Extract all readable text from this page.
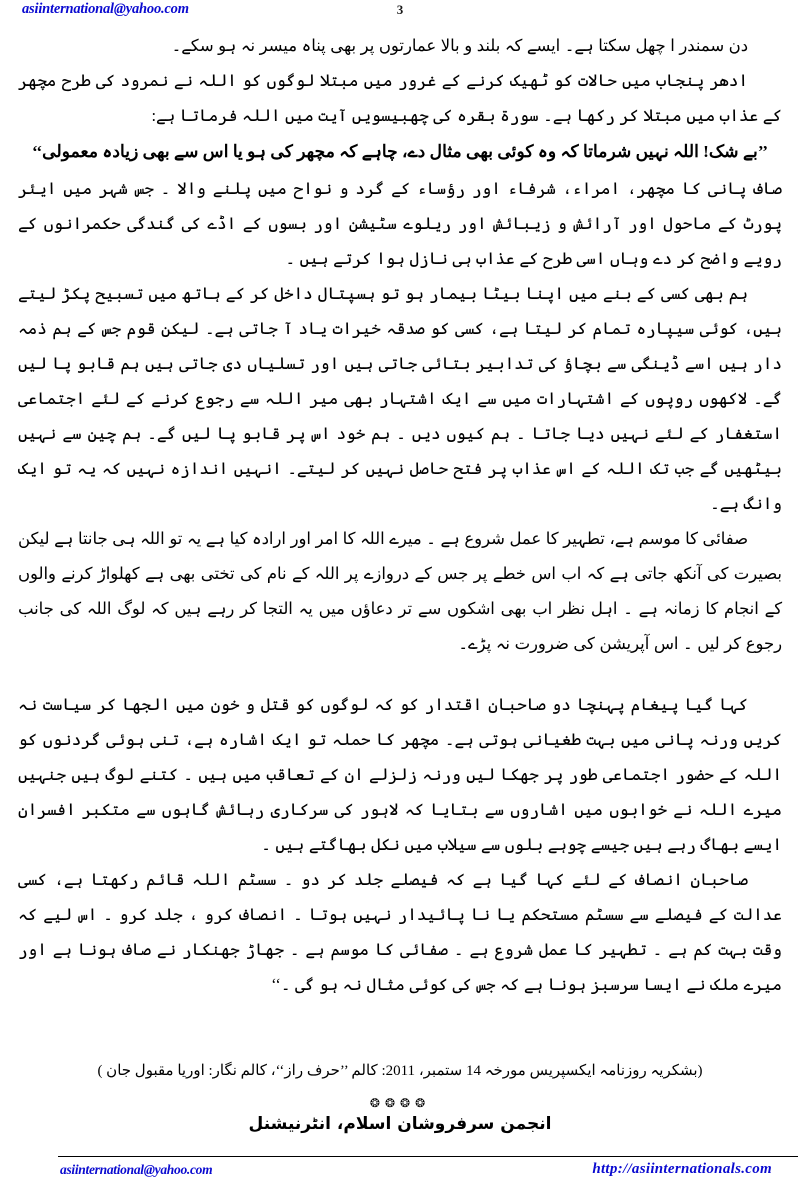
asiinternational@yahoo.com	3

دن سمندر ا چھل سکتا ہے۔ ایسے کہ بلند و بالا عمارتوں پر بھی پناہ میسر نہ ہو سکے۔

ادھر پنجاب میں حالات کو ٹھیک کرنے کے غرور میں مبتلا لوگوں کو اللہ نے نمرود کی طرح مچھر کے عذاب میں مبتلا کر رکھا ہے۔ سورۃ بقرہ کی چھبیسویں آیت میں اللہ فرماتا ہے:

’’بے شک! اللہ نہیں شرماتا کہ وہ کوئی بھی مثال دے، چاہے کہ مچھر کی ہو یا اس سے بھی زیادہ معمولی‘‘

صاف پانی کا مچھر، امراء، شرفاء اور رؤساء کے گرد و نواح میں پلنے والا ۔ جس شہر میں ایئر پورٹ کے ماحول اور آرائش و زیبائش اور ریلوے سٹیشن اور بسوں کے اڈے کی گندگی حکمرانوں کے رویے واضح کر دے وہاں اسی طرح کے عذاب ہی نازل ہوا کرتے ہیں ۔

ہم بھی کسی کے بنے میں اپنا بیٹا بیمار ہو تو ہسپتال داخل کر کے ہاتھ میں تسبیح پکڑ لیتے ہیں، کوئی سیپارہ تمام کر لیتا ہے، کسی کو صدقہ خیرات یاد آ جاتی ہے۔ لیکن قوم جس کے ہم ذمہ دار ہیں اسے ڈینگی سے بچاؤ کی تدابیر بتائی جاتی ہیں اور تسلیاں دی جاتی ہیں ہم قابو پا لیں گے۔ لاکھوں روپوں کے اشتہارات میں سے ایک اشتہار بھی میر اللہ سے رجوع کرنے کے لئے اجتماعی استغفار کے لئے نہیں دیا جاتا ۔ ہم کیوں دیں ۔ ہم خود اس پر قابو پا لیں گے۔ ہم چین سے نہیں بیٹھیں گے جب تک اللہ کے اس عذاب پر فتح حاصل نہیں کر لیتے۔ انہیں اندازہ نہیں کہ یہ تو ایک وانگ ہے۔

صفائی کا موسم ہے، تطہیر کا عمل شروع ہے ۔ میرے اللہ کا امر اور ارادہ کیا ہے یہ تو اللہ ہی جانتا ہے لیکن بصیرت کی آنکھ جاتی ہے کہ اب اس خطے پر جس کے دروازے پر اللہ کے نام کی تختی بھی ہے کھلواڑ کرنے والوں کے انجام کا زمانہ ہے ۔ اہل نظر اب بھی اشکوں سے تر دعاؤں میں یہ التجا کر رہے ہیں کہ لوگ اللہ کی جانب رجوع کر لیں ۔ اس آپریشن کی ضرورت نہ پڑے۔

کہا گیا پیغام پہنچا دو صاحبان اقتدار کو کہ لوگوں کو قتل و خون میں الجھا کر سیاست نہ کریں ورنہ پانی میں بہت طغیانی ہوتی ہے۔ مچھر کا حملہ تو ایک اشارہ ہے، تنی ہوئی گردنوں کو اللہ کے حضور اجتماعی طور پر جھکا لیں ورنہ زلزلے ان کے تعاقب میں ہیں ۔ کتنے لوگ ہیں جنہیں میرے اللہ نے خوابوں میں اشاروں سے بتایا کہ لاہور کی سرکاری رہائش گاہوں سے متکبر افسران ایسے بھاگ رہے ہیں جیسے چوہے بلوں سے سیلاب میں نکل بھاگتے ہیں ۔

صاحبان انصاف کے لئے کہا گیا ہے کہ فیصلے جلد کر دو ۔ سسٹم اللہ قائم رکھتا ہے، کسی عدالت کے فیصلے سے سسٹم مستحکم یا نا پائیدار نہیں ہوتا ۔ انصاف کرو ، جلد کرو ۔ اس لیے کہ وقت بہت کم ہے ۔ تطہیر کا عمل شروع ہے ۔ صفائی کا موسم ہے ۔ جھاڑ جھنکار نے صاف ہونا ہے اور میرے ملک نے ایسا سرسبز ہونا ہے کہ جس کی کوئی مثال نہ ہو گی ۔‘‘

(بشکریہ روزنامہ ایکسپریس مورخہ 14 ستمبر، 2011: کالم ’’حرف راز‘‘، کالم نگار: اوریا مقبول جان )
❂❂❂❂
انجمن سرفروشان اسلام، انٹرنیشنل
asiinternational@yahoo.com	http://asiinternationals.com
